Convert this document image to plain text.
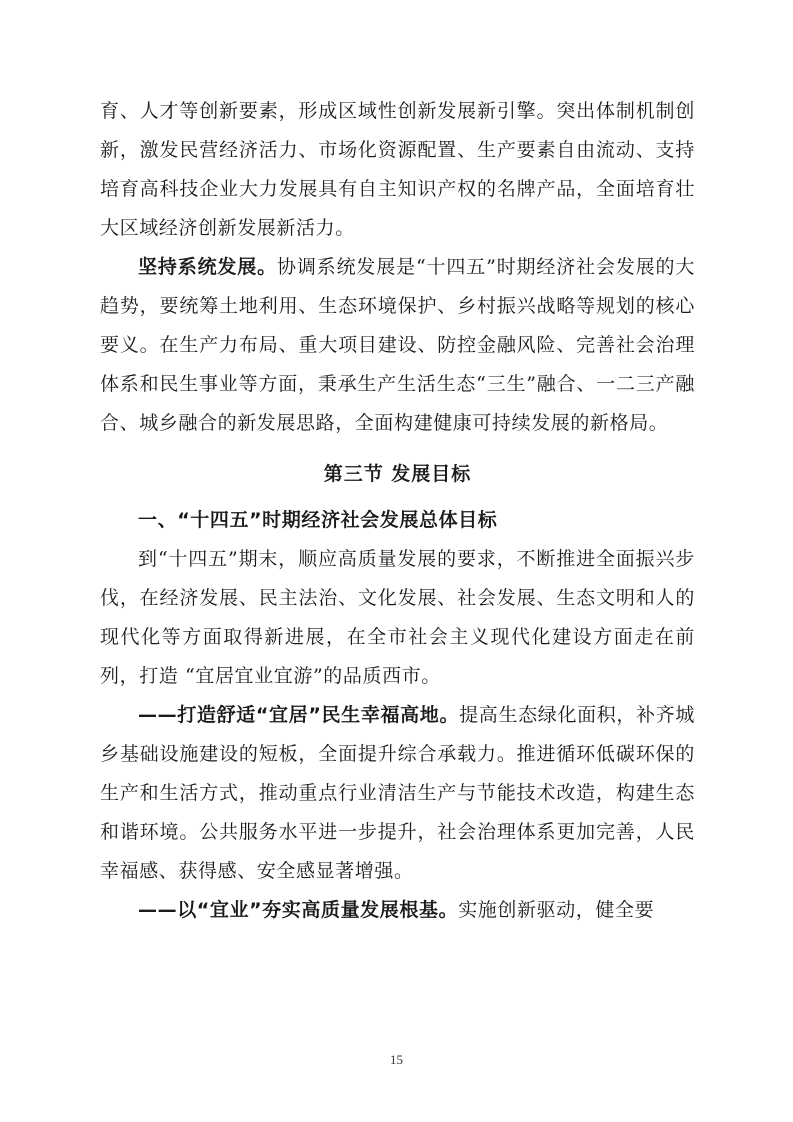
育、人才等创新要素，形成区域性创新发展新引擎。突出体制机制创新，激发民营经济活力、市场化资源配置、生产要素自由流动、支持培育高科技企业大力发展具有自主知识产权的名牌产品，全面培育壮大区域经济创新发展新活力。

坚持系统发展。协调系统发展是“十四五”时期经济社会发展的大趋势，要统筹土地利用、生态环境保护、乡村振兴战略等规划的核心要义。在生产力布局、重大项目建设、防控金融风险、完善社会治理体系和民生事业等方面，秉承生产生活生态“三生”融合、一二三产融合、城乡融合的新发展思路，全面构建健康可持续发展的新格局。

第三节 发展目标

一、“十四五”时期经济社会发展总体目标

到“十四五”期末，顺应高质量发展的要求，不断推进全面振兴步伐，在经济发展、民主法治、文化发展、社会发展、生态文明和人的现代化等方面取得新进展，在全市社会主义现代化建设方面走在前列，打造 “宜居宜业宜游”的品质西市。

——打造舒适“宜居”民生幸福高地。提高生态绿化面积，补齐城乡基础设施建设的短板，全面提升综合承载力。推进循环低碳环保的生产和生活方式，推动重点行业清洁生产与节能技术改造，构建生态和谐环境。公共服务水平进一步提升，社会治理体系更加完善，人民幸福感、获得感、安全感显著增强。

——以“宜业”夯实高质量发展根基。实施创新驱动，健全要

15
